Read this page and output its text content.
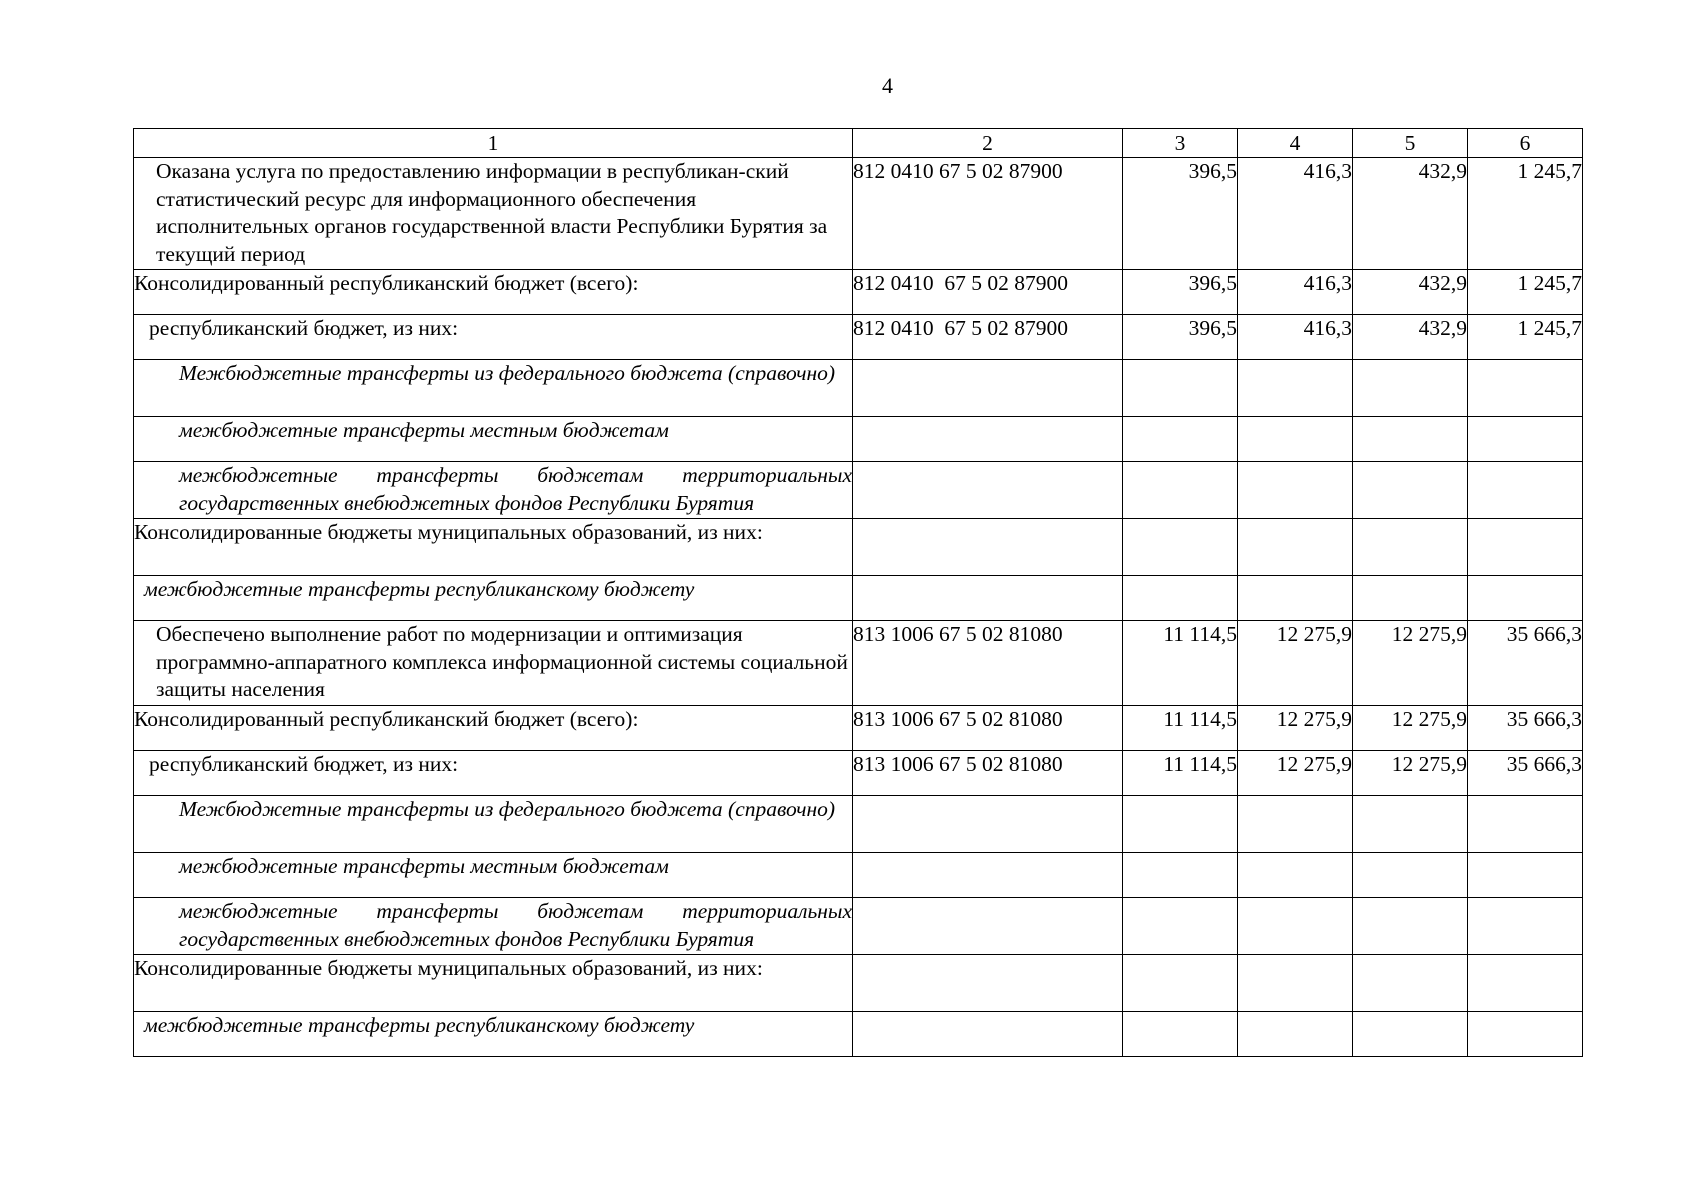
4
1	2	3	4	5	6
Оказана услуга по предоставлению информации в республикан-ский статистический ресурс для информационного обеспечения исполнительных органов государственной власти Республики Бурятия за текущий период	812 0410 67 5 02 87900	396,5	416,3	432,9	1 245,7
Консолидированный республиканский бюджет (всего):	812 0410  67 5 02 87900	396,5	416,3	432,9	1 245,7
республиканский бюджет, из них:	812 0410  67 5 02 87900	396,5	416,3	432,9	1 245,7
Межбюджетные трансферты из федерального бюджета (справочно)					
межбюджетные трансферты местным бюджетам					
межбюджетные трансферты бюджетам территориальных государственных внебюджетных фондов Республики Бурятия					
Консолидированные бюджеты муниципальных образований, из них:					
межбюджетные трансферты республиканскому бюджету					
Обеспечено выполнение работ по модернизации и оптимизация программно-аппаратного комплекса информационной системы социальной защиты населения	813 1006 67 5 02 81080	11 114,5	12 275,9	12 275,9	35 666,3
Консолидированный республиканский бюджет (всего):	813 1006 67 5 02 81080	11 114,5	12 275,9	12 275,9	35 666,3
республиканский бюджет, из них:	813 1006 67 5 02 81080	11 114,5	12 275,9	12 275,9	35 666,3
Межбюджетные трансферты из федерального бюджета (справочно)					
межбюджетные трансферты местным бюджетам					
межбюджетные трансферты бюджетам территориальных государственных внебюджетных фондов Республики Бурятия					
Консолидированные бюджеты муниципальных образований, из них:					
межбюджетные трансферты республиканскому бюджету					
